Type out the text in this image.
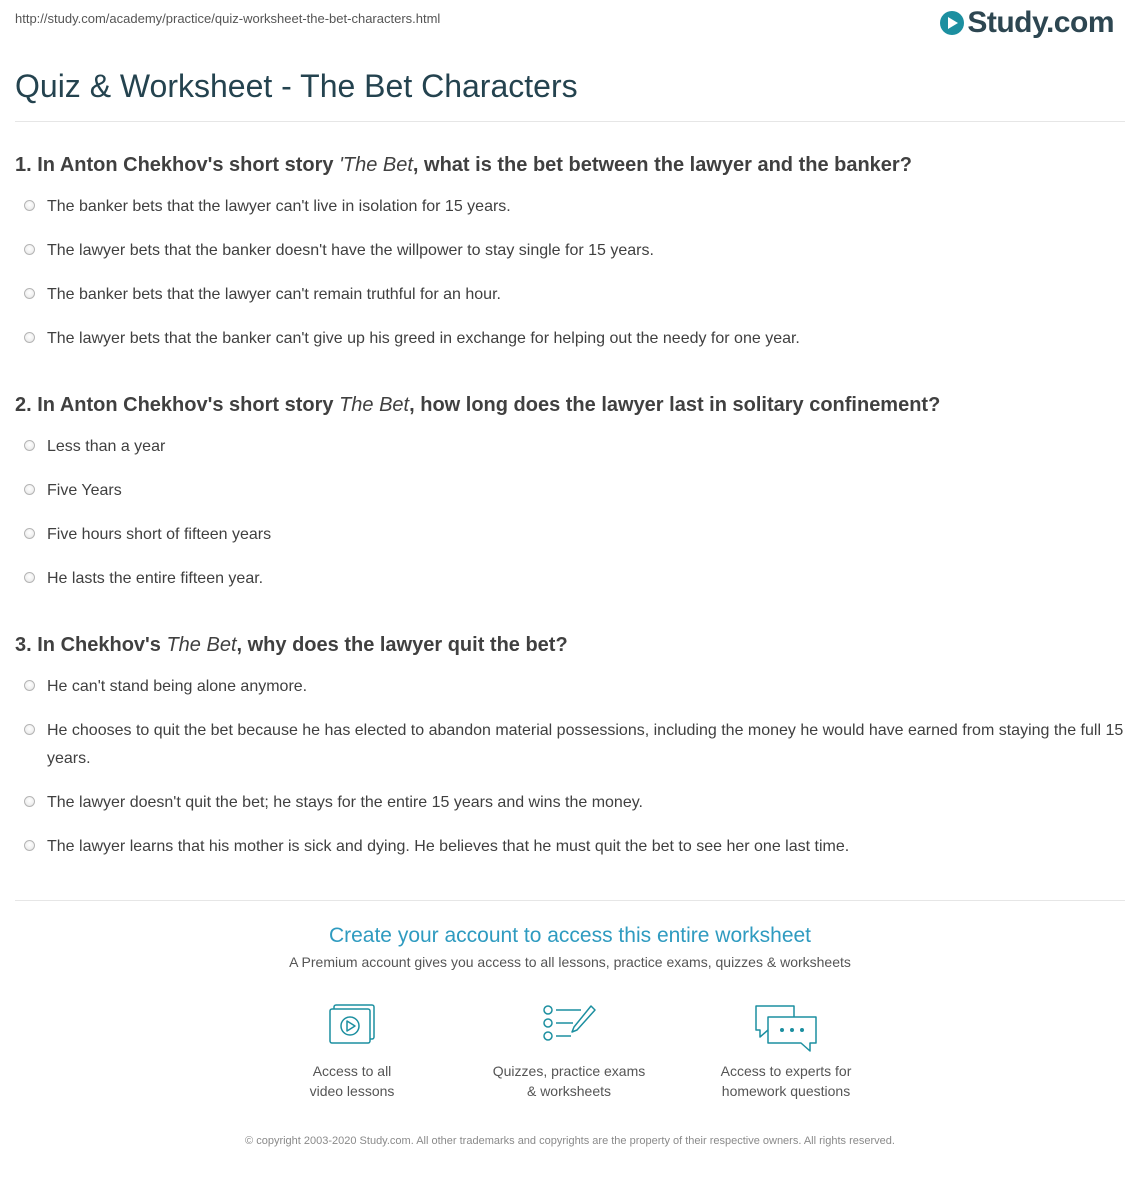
http://study.com/academy/practice/quiz-worksheet-the-bet-characters.html	Study.com
Quiz & Worksheet - The Bet Characters
1. In Anton Chekhov's short story 'The Bet, what is the bet between the lawyer and the banker?
The banker bets that the lawyer can't live in isolation for 15 years.
The lawyer bets that the banker doesn't have the willpower to stay single for 15 years.
The banker bets that the lawyer can't remain truthful for an hour.
The lawyer bets that the banker can't give up his greed in exchange for helping out the needy for one year.
2. In Anton Chekhov's short story The Bet, how long does the lawyer last in solitary confinement?
Less than a year
Five Years
Five hours short of fifteen years
He lasts the entire fifteen year.
3. In Chekhov's The Bet, why does the lawyer quit the bet?
He can't stand being alone anymore.
He chooses to quit the bet because he has elected to abandon material possessions, including the money he would have earned from staying the full 15 years.
The lawyer doesn't quit the bet; he stays for the entire 15 years and wins the money.
The lawyer learns that his mother is sick and dying. He believes that he must quit the bet to see her one last time.
Create your account to access this entire worksheet

A Premium account gives you access to all lessons, practice exams, quizzes & worksheets

Access to all
video lessons
Quizzes, practice exams
& worksheets
Access to experts for
homework questions
© copyright 2003-2020 Study.com. All other trademarks and copyrights are the property of their respective owners. All rights reserved.
